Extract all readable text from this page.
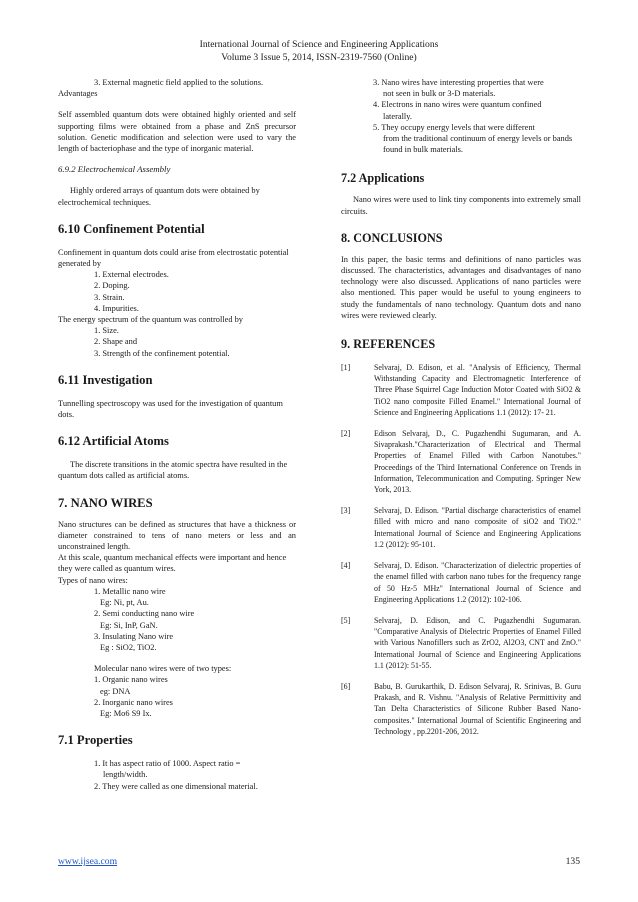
International Journal of Science and Engineering Applications
Volume 3 Issue 5, 2014, ISSN-2319-7560 (Online)

3. External magnetic field applied to the solutions.

Advantages

Self assembled quantum dots were obtained highly oriented and self supporting films were obtained from a phase and ZnS precursor solution. Genetic modification and selection were used to vary the length of bacteriophase and the type of inorganic material.

6.9.2 Electrochemical Assembly

Highly ordered arrays of quantum dots were obtained by electrochemical techniques.

6.10 Confinement Potential

Confinement in quantum dots could arise from electrostatic potential generated by

1. External electrodes.

2. Doping.

3. Strain.

4. Impurities.

The energy spectrum of the quantum was controlled by

1. Size.

2. Shape and

3. Strength of the confinement potential.

6.11 Investigation

Tunnelling spectroscopy was used for the investigation of quantum dots.

6.12 Artificial Atoms

The discrete transitions in the atomic spectra have resulted in the quantum dots called as artificial atoms.

7. NANO WIRES

Nano structures can be defined as structures that have a thickness or diameter constrained to tens of nano meters or less and an unconstrained length.

At this scale, quantum mechanical effects were important and hence they were called as quantum wires.

Types of nano wires:

1. Metallic nano wire

Eg: Ni, pt, Au.

2. Semi conducting nano wire

Eg: Si, InP, GaN.

3. Insulating Nano wire

Eg : SiO2, TiO2.

Molecular nano wires were of two types:

1. Organic nano wires

eg: DNA

2. Inorganic nano wires

Eg: Mo6 S9 Ix.

7.1 Properties

1. It has aspect ratio of 1000. Aspect ratio =

length/width.

2. They were called as one dimensional material.

3. Nano wires have interesting properties that were

not seen in bulk or 3-D materials.

4. Electrons in nano wires were quantum confined

laterally.

5. They occupy energy levels that were different

from the traditional continuum of energy levels or bands found in bulk materials.

7.2 Applications

Nano wires were used to link tiny components into extremely small circuits.

8. CONCLUSIONS

In this paper, the basic terms and definitions of nano particles was discussed. The characteristics, advantages and disadvantages of nano technology were also discussed. Applications of nano particles were also mentioned. This paper would be useful to young engineers to study the fundamentals of nano technology. Quantum dots and nano wires were reviewed clearly.

9. REFERENCES

[1]	Selvaraj, D. Edison, et al. "Analysis of Efficiency, Thermal Withstanding Capacity and Electromagnetic Interference of Three Phase Squirrel Cage Induction Motor Coated with SiO2 & TiO2 nano composite Filled Enamel." International Journal of Science and Engineering Applications 1.1 (2012): 17- 21.

[2]	Edison Selvaraj, D., C. Pugazhendhi Sugumaran, and A. Sivaprakash."Characterization of Electrical and Thermal Properties of Enamel Filled with Carbon Nanotubes." Proceedings of the Third International Conference on Trends in Information, Telecommunication and Computing. Springer New York, 2013.

[3]	Selvaraj, D. Edison. "Partial discharge characteristics of enamel filled with micro and nano composite of siO2 and TiO2." International Journal of Science and Engineering Applications 1.2 (2012): 95-101.

[4]	Selvaraj, D. Edison. "Characterization of dielectric properties of the enamel filled with carbon nano tubes for the frequency range of 50 Hz-5 MHz" International Journal of Science and Engineering Applications 1.2 (2012): 102-106.

[5]	Selvaraj, D. Edison, and C. Pugazhendhi Sugumaran. "Comparative Analysis of Dielectric Properties of Enamel Filled with Various Nanofillers such as ZrO2, Al2O3, CNT and ZnO." International Journal of Science and Engineering Applications 1.1 (2012): 51-55.

[6]	Babu, B. Gurukarthik, D. Edison Selvaraj, R. Srinivas, B. Guru Prakash, and R. Vishnu. "Analysis of Relative Permittivity and Tan Delta Characteristics of Silicone Rubber Based Nano-composites." International Journal of Scientific Engineering and Technology , pp.2201-206, 2012.

www.ijsea.com	135
